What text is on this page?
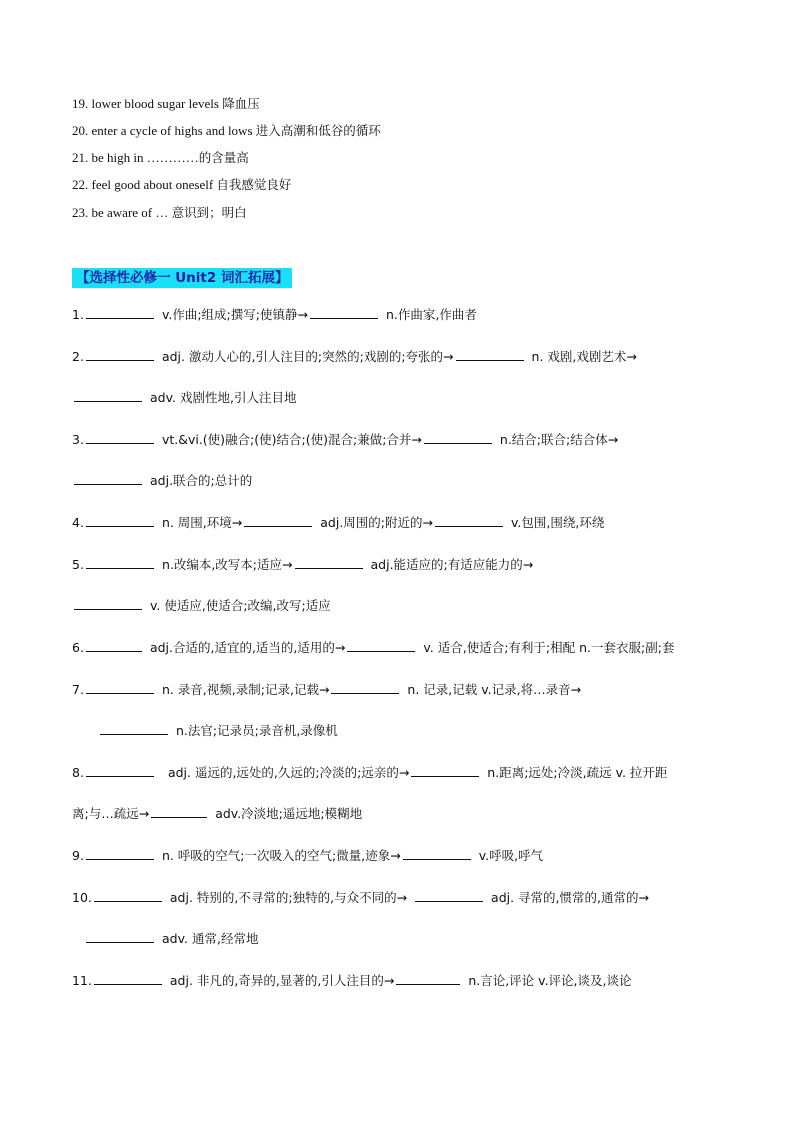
19. lower blood sugar levels 降血压
20. enter a cycle of highs and lows 进入高潮和低谷的循环
21. be high in …………的含量高
22. feel good about oneself 自我感觉良好
23. be aware of … 意识到；明白
【选择性必修一 Unit2 词汇拓展】
1.	v.作曲;组成;撰写;使镇静→	n.作曲家,作曲者
2.	adj. 激动人心的,引人注目的;突然的;戏剧的;夸张的→	n. 戏剧,戏剧艺术→
adv. 戏剧性地,引人注目地
3.	vt.&vi.(使)融合;(使)结合;(使)混合;兼做;合并→	n.结合;联合;结合体→
adj.联合的;总计的
4.	n. 周围,环境→	adj.周围的;附近的→	v.包围,围绕,环绕
5.	n.改编本,改写本;适应→	adj.能适应的;有适应能力的→
v. 使适应,使适合;改编,改写;适应
6.	adj.合适的,适宜的,适当的,适用的→	v. 适合,使适合;有利于;相配 n.一套衣服;副;套
7.	n. 录音,视频,录制;记录,记载→	n. 记录,记载 v.记录,将…录音→
n.法官;记录员;录音机,录像机
8.	adj. 遥远的,远处的,久远的;冷淡的;远亲的→	n.距离;远处;冷淡,疏远 v. 拉开距
离;与…疏远→	adv.冷淡地;遥远地;模糊地
9.	n. 呼吸的空气;一次吸入的空气;微量,迹象→	v.呼吸,呼气
10.	adj. 特别的,不寻常的;独特的,与众不同的→	adj. 寻常的,惯常的,通常的→
adv. 通常,经常地
11.	adj. 非凡的,奇异的,显著的,引人注目的→	n.言论,评论 v.评论,谈及,谈论
